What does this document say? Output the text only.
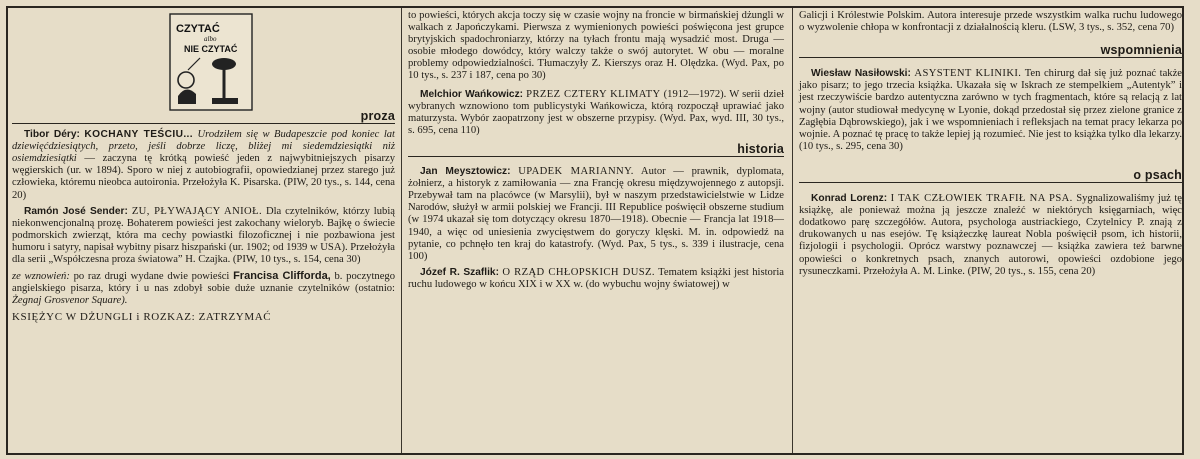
CZYTAĆ
albo
NIE CZYTAĆ
proza

Tibor Déry: KOCHANY TEŚCIU... Urodziłem się w Budapeszcie pod koniec lat dziewięćdziesiątych, przeto, jeśli dobrze liczę, bliżej mi siedemdziesiątki niż osiemdziesiątki — zaczyna tę krótką powieść jeden z najwybitniejszych pisarzy węgierskich (ur. w 1894). Sporo w niej z autobiografii, opowiedzianej przez starego już człowieka, któremu nieobca autoironia. Przełożyła K. Pisarska. (PIW, 20 tys., s. 144, cena 20)

Ramón José Sender: ZU, PŁYWAJĄCY ANIOŁ. Dla czytelników, którzy lubią niekonwencjonalną prozę. Bohaterem powieści jest zakochany wieloryb. Bajkę o świecie podmorskich zwierząt, która ma cechy powiastki filozoficznej i nie pozbawiona jest humoru i satyry, napisał wybitny pisarz hiszpański (ur. 1902; od 1939 w USA). Przełożyła dla serii „Współczesna proza światowa” H. Czajka. (PIW, 10 tys., s. 154, cena 30)

ze wznowień: po raz drugi wydane dwie powieści Francisa Clifforda, b. poczytnego angielskiego pisarza, który i u nas zdobył sobie duże uznanie czytelników (ostatnio: Żegnaj Grosvenor Square).

KSIĘŻYC W DŻUNGLI i ROZKAZ: ZATRZYMAĆ

to powieści, których akcja toczy się w czasie wojny na froncie w birmańskiej dżungli w walkach z Japończykami. Pierwsza z wymienionych powieści poświęcona jest grupce brytyjskich spadochroniarzy, którzy na tyłach frontu mają wysadzić most. Druga — osobie młodego dowódcy, który walczy także o swój autorytet. W obu — moralne problemy odpowiedzialności. Tłumaczyły Z. Kierszys oraz H. Olędzka. (Wyd. Pax, po 10 tys., s. 237 i 187, cena po 30)

Melchior Wańkowicz: PRZEZ CZTERY KLIMATY (1912—1972). W serii dzieł wybranych wznowiono tom publicystyki Wańkowicza, którą rozpoczął uprawiać jako maturzysta. Wybór zaopatrzony jest w obszerne przypisy. (Wyd. Pax, wyd. III, 30 tys., s. 695, cena 110)

historia

Jan Meysztowicz: UPADEK MARIANNY. Autor — prawnik, dyplomata, żołnierz, a historyk z zamiłowania — zna Francję okresu międzywojennego z autopsji. Przebywał tam na placówce (w Marsylii), był w naszym przedstawicielstwie w Lidze Narodów, służył w armii polskiej we Francji. III Republice poświęcił obszerne studium (w 1974 ukazał się tom dotyczący okresu 1870—1918). Obecnie — Francja lat 1918—1940, a więc od uniesienia zwycięstwem do goryczy klęski. M. in. odpowiedź na pytanie, co pchnęło ten kraj do katastrofy. (Wyd. Pax, 5 tys., s. 339 i ilustracje, cena 100)

Józef R. Szaflik: O RZĄD CHŁOPSKICH DUSZ. Tematem książki jest historia ruchu ludowego w końcu XIX i w XX w. (do wybuchu wojny światowej) w

Galicji i Królestwie Polskim. Autora interesuje przede wszystkim walka ruchu ludowego o wyzwolenie chłopa w konfrontacji z działalnością kleru. (LSW, 3 tys., s. 352, cena 70)

wspomnienia

Wiesław Nasiłowski: ASYSTENT KLINIKI. Ten chirurg dał się już poznać także jako pisarz; to jego trzecia książka. Ukazała się w Iskrach ze stempelkiem „Autentyk” i jest rzeczywiście bardzo autentyczna zarówno w tych fragmentach, które są relacją z lat wojny (autor studiował medycynę w Lyonie, dokąd przedostał się przez zielone granice z Zagłębia Dąbrowskiego), jak i we wspomnieniach i refleksjach na temat pracy lekarza po wojnie. A poznać tę pracę to także lepiej ją rozumieć. Nie jest to książka tylko dla lekarzy. (10 tys., s. 295, cena 30)

o psach

Konrad Lorenz: I TAK CZŁOWIEK TRAFIŁ NA PSA. Sygnalizowaliśmy już tę książkę, ale ponieważ można ją jeszcze znaleźć w niektórych księgarniach, więc dodatkowo parę szczegółów. Autora, psychologa austriackiego, Czytelnicy P. znają z drukowanych u nas esejów. Tę książeczkę laureat Nobla poświęcił psom, ich historii, fizjologii i psychologii. Oprócz warstwy poznawczej — książka zawiera też barwne opowieści o konkretnych psach, znanych autorowi, opowieści ozdobione jego rysuneczkami. Przełożyła A. M. Linke. (PIW, 20 tys., s. 155, cena 20)
